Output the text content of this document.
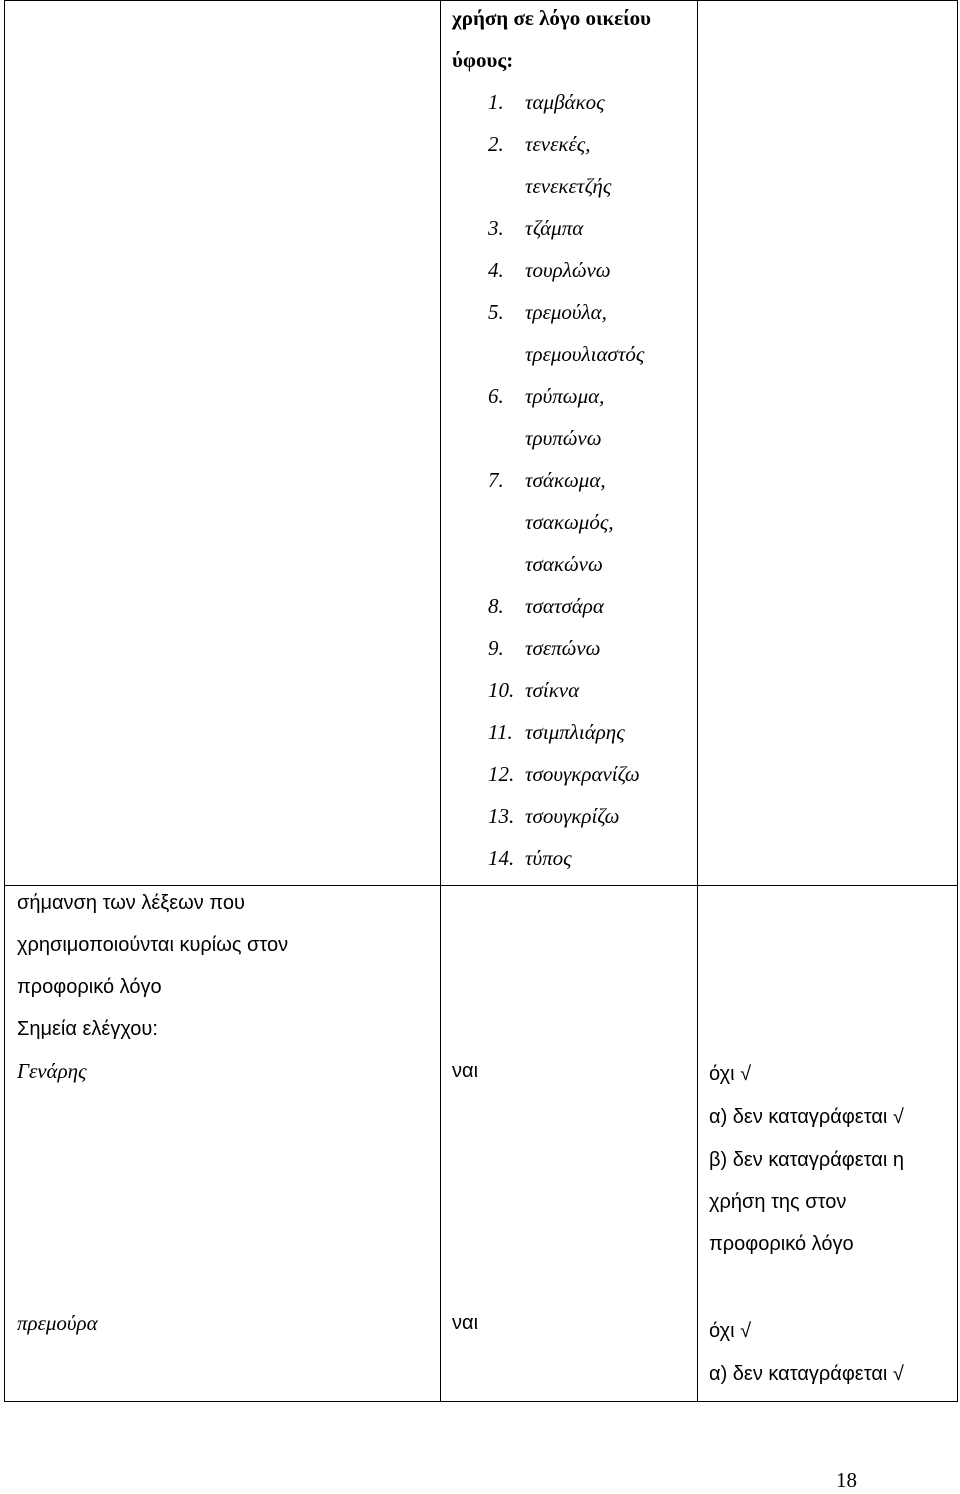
χρήση σε λόγο οικείου
ύφους:
1. ταμβάκος
2. τενεκές,

τενεκετζής
3. τζάμπα
4. τουρλώνω
5. τρεμούλα,

τρεμουλιαστός
6. τρύπωμα,

τρυπώνω
7. τσάκωμα,

τσακωμός,

τσακώνω
8. τσατσάρα
9. τσεπώνω
10. τσίκνα
11. τσιμπλιάρης
12. τσουγκρανίζω
13. τσουγκρίζω
14. τύπος
σήμανση των λέξεων που
χρησιμοποιούνται κυρίως στον
προφορικό λόγο
Σημεία ελέγχου:
Γενάρης	ναι	όχι √
α) δεν καταγράφεται √
β) δεν καταγράφεται η
χρήση της στον
προφορικό λόγο
πρεμούρα	ναι	όχι √
α) δεν καταγράφεται √
18
